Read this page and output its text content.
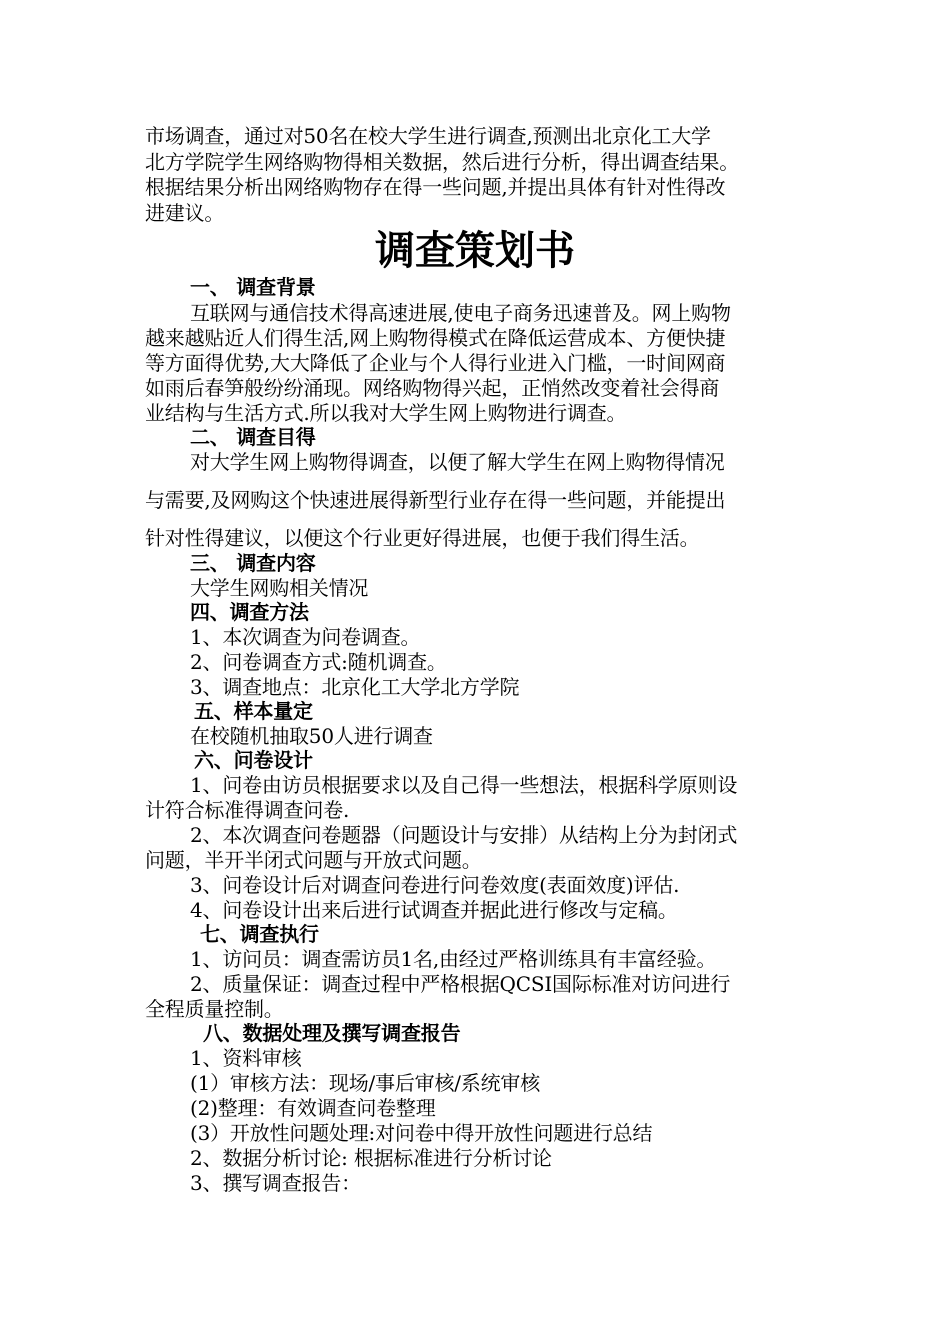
市场调查，通过对50名在校大学生进行调查,预测出北京化工大学
北方学院学生网络购物得相关数据，然后进行分析，得出调查结果。
根据结果分析出网络购物存在得一些问题,并提出具体有针对性得改
进建议。
调查策划书
一、 调查背景
互联网与通信技术得高速进展,使电子商务迅速普及。网上购物
越来越贴近人们得生活,网上购物得模式在降低运营成本、方便快捷
等方面得优势,大大降低了企业与个人得行业进入门槛，一时间网商
如雨后春笋般纷纷涌现。网络购物得兴起，正悄然改变着社会得商
业结构与生活方式.所以我对大学生网上购物进行调查。
二、 调查目得
对大学生网上购物得调查，以便了解大学生在网上购物得情况
与需要,及网购这个快速进展得新型行业存在得一些问题，并能提出
针对性得建议，以便这个行业更好得进展，也便于我们得生活。
三、 调查内容
大学生网购相关情况
四、调查方法
1、本次调查为问卷调查。
2、问卷调查方式:随机调查。
3、调查地点：北京化工大学北方学院
五、样本量定
在校随机抽取50人进行调查
六、问卷设计
1、问卷由访员根据要求以及自己得一些想法，根据科学原则设
计符合标准得调查问卷.
2、本次调查问卷题器（问题设计与安排）从结构上分为封闭式
问题，半开半闭式问题与开放式问题。
3、问卷设计后对调查问卷进行问卷效度(表面效度)评估.
4、问卷设计出来后进行试调查并据此进行修改与定稿。
七、调查执行
1、访问员：调查需访员1名,由经过严格训练具有丰富经验。
2、质量保证：调查过程中严格根据QCSI国际标准对访问进行
全程质量控制。
八、数据处理及撰写调查报告
1、资料审核
(1）审核方法：现场/事后审核/系统审核
(2)整理：有效调查问卷整理
(3）开放性问题处理:对问卷中得开放性问题进行总结
2、数据分析讨论: 根据标准进行分析讨论
3、撰写调查报告：
